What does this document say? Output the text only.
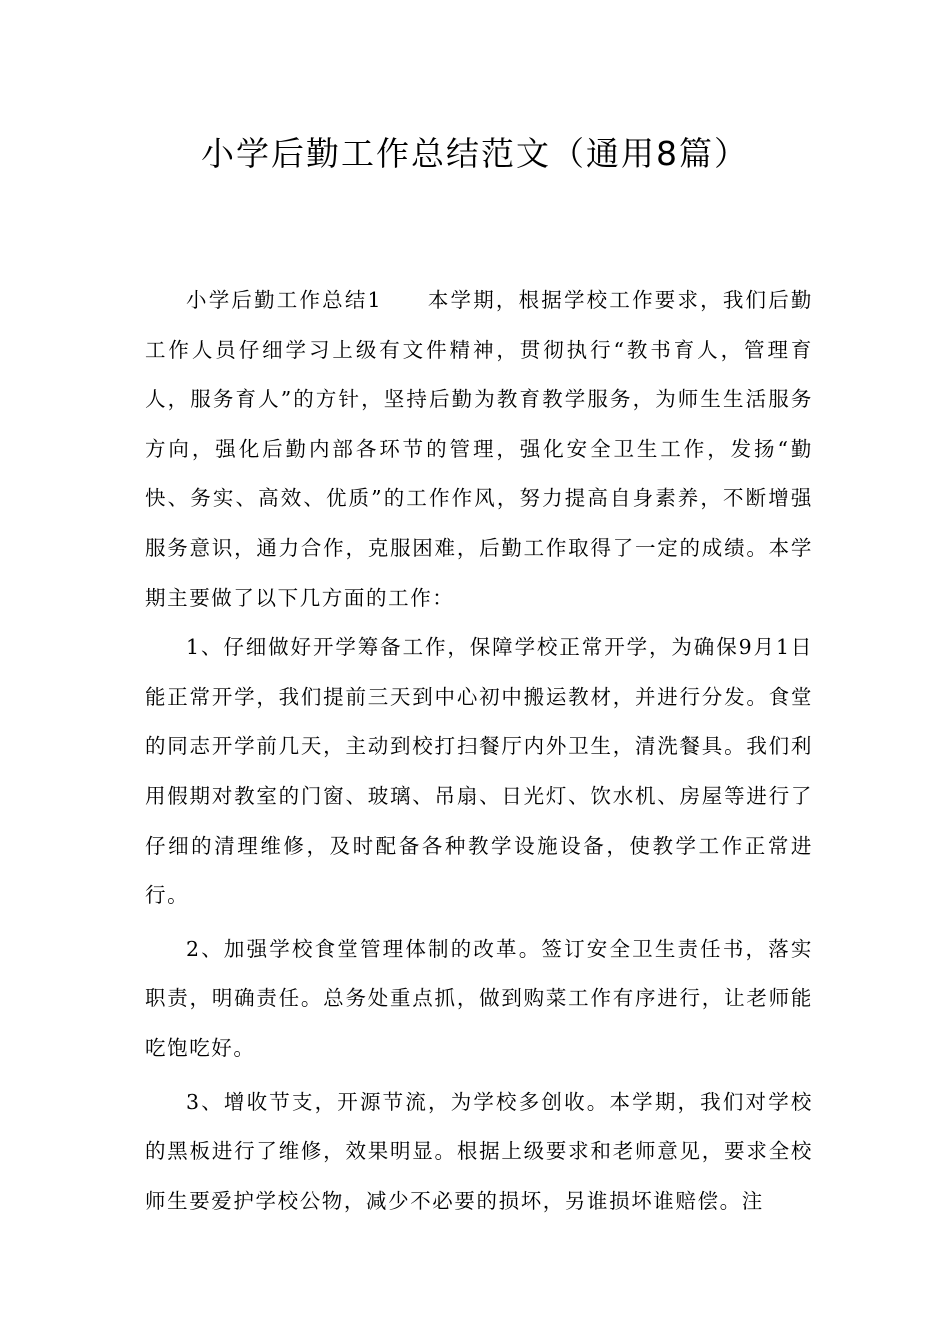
小学后勤工作总结范文（通用8篇）

小学后勤工作总结1 本学期，根据学校工作要求，我们后勤工作人员仔细学习上级有文件精神，贯彻执行“教书育人，管理育人，服务育人”的方针，坚持后勤为教育教学服务，为师生生活服务方向，强化后勤内部各环节的管理，强化安全卫生工作，发扬“勤快、务实、高效、优质”的工作作风，努力提高自身素养，不断增强服务意识，通力合作，克服困难，后勤工作取得了一定的成绩。本学期主要做了以下几方面的工作：

1、仔细做好开学筹备工作，保障学校正常开学，为确保9月1日能正常开学，我们提前三天到中心初中搬运教材，并进行分发。食堂的同志开学前几天，主动到校打扫餐厅内外卫生，清洗餐具。我们利用假期对教室的门窗、玻璃、吊扇、日光灯、饮水机、房屋等进行了仔细的清理维修，及时配备各种教学设施设备，使教学工作正常进行。

2、加强学校食堂管理体制的改革。签订安全卫生责任书，落实职责，明确责任。总务处重点抓，做到购菜工作有序进行，让老师能吃饱吃好。

3、增收节支，开源节流，为学校多创收。本学期，我们对学校的黑板进行了维修，效果明显。根据上级要求和老师意见，要求全校师生要爱护学校公物，减少不必要的损坏，另谁损坏谁赔偿。注
